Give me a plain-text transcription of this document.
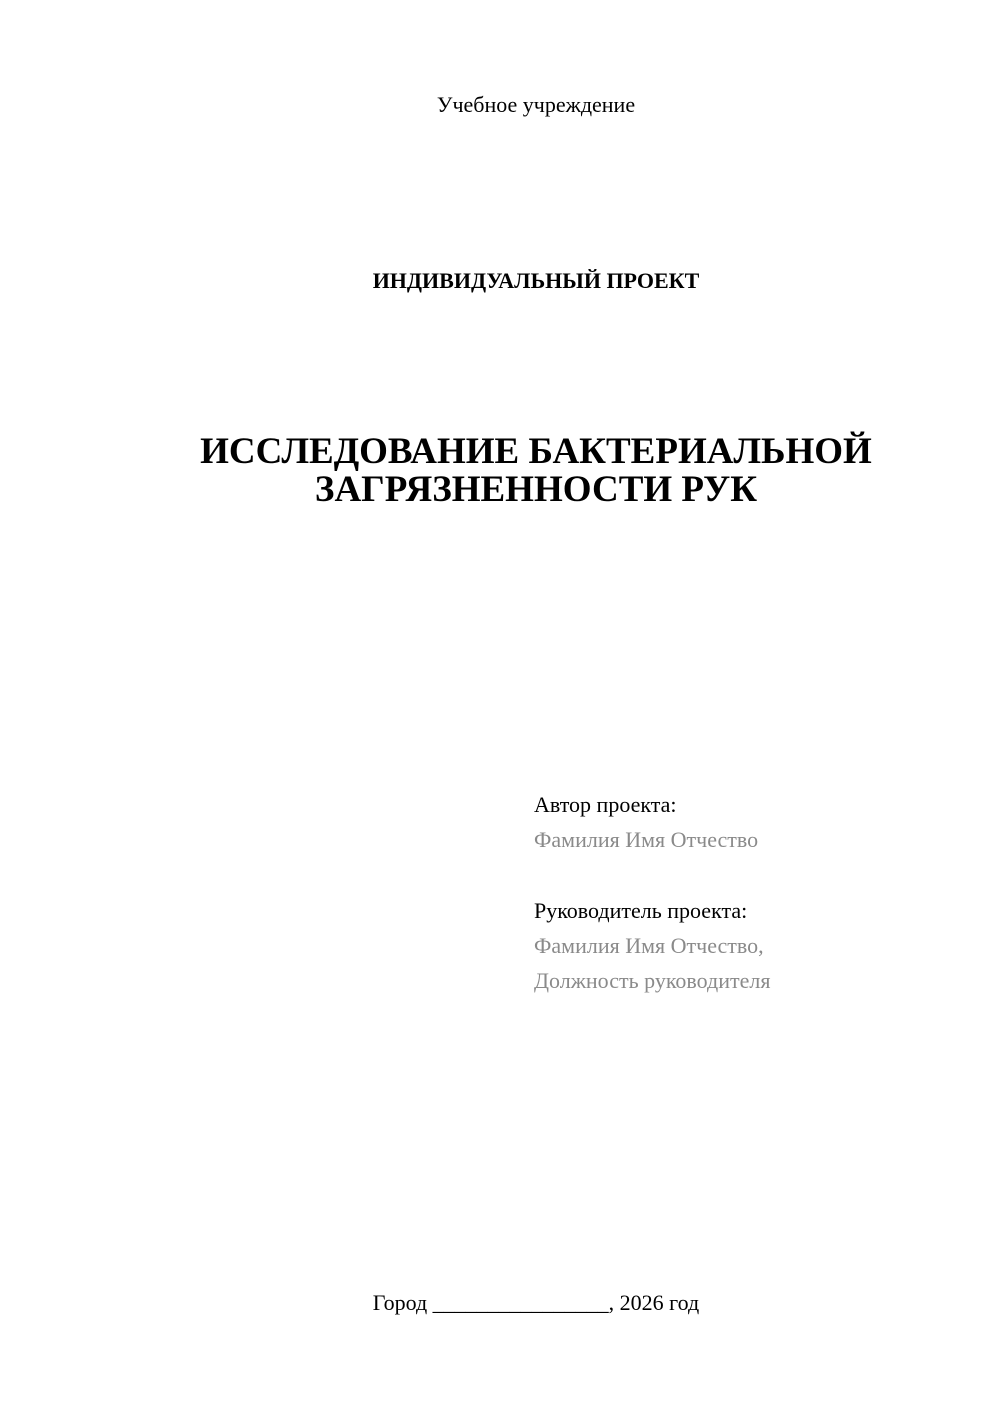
Учебное учреждение
ИНДИВИДУАЛЬНЫЙ ПРОЕКТ
ИССЛЕДОВАНИЕ БАКТЕРИАЛЬНОЙ
ЗАГРЯЗНЕННОСТИ РУК
Автор проекта:
Фамилия Имя Отчество
Руководитель проекта:
Фамилия Имя Отчество,
Должность руководителя
Город ________________, 2026 год
